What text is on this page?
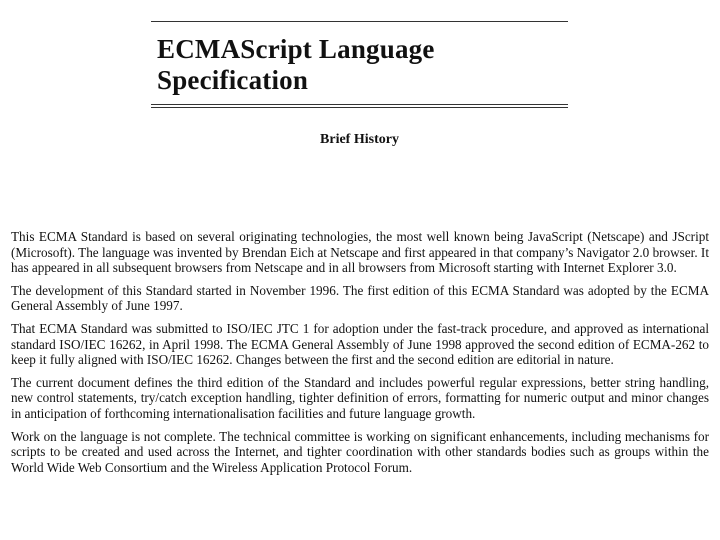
ECMAScript Language
Specification
Brief History

This ECMA Standard is based on several originating technologies, the most well known being JavaScript (Netscape) and JScript (Microsoft). The language was invented by Brendan Eich at Netscape and first appeared in that company’s Navigator 2.0 browser. It has appeared in all subsequent browsers from Netscape and in all browsers from Microsoft starting with Internet Explorer 3.0.

The development of this Standard started in November 1996. The first edition of this ECMA Standard was adopted by the ECMA General Assembly of June 1997.

That ECMA Standard was submitted to ISO/IEC JTC 1 for adoption under the fast-track procedure, and approved as international standard ISO/IEC 16262, in April 1998. The ECMA General Assembly of June 1998 approved the second edition of ECMA-262 to keep it fully aligned with ISO/IEC 16262. Changes between the first and the second edition are editorial in nature.

The current document defines the third edition of the Standard and includes powerful regular expressions, better string handling, new control statements, try/catch exception handling, tighter definition of errors, formatting for numeric output and minor changes in anticipation of forthcoming internationalisation facilities and future language growth.

Work on the language is not complete. The technical committee is working on significant enhancements, including mechanisms for scripts to be created and used across the Internet, and tighter coordination with other standards bodies such as groups within the World Wide Web Consortium and the Wireless Application Protocol Forum.
